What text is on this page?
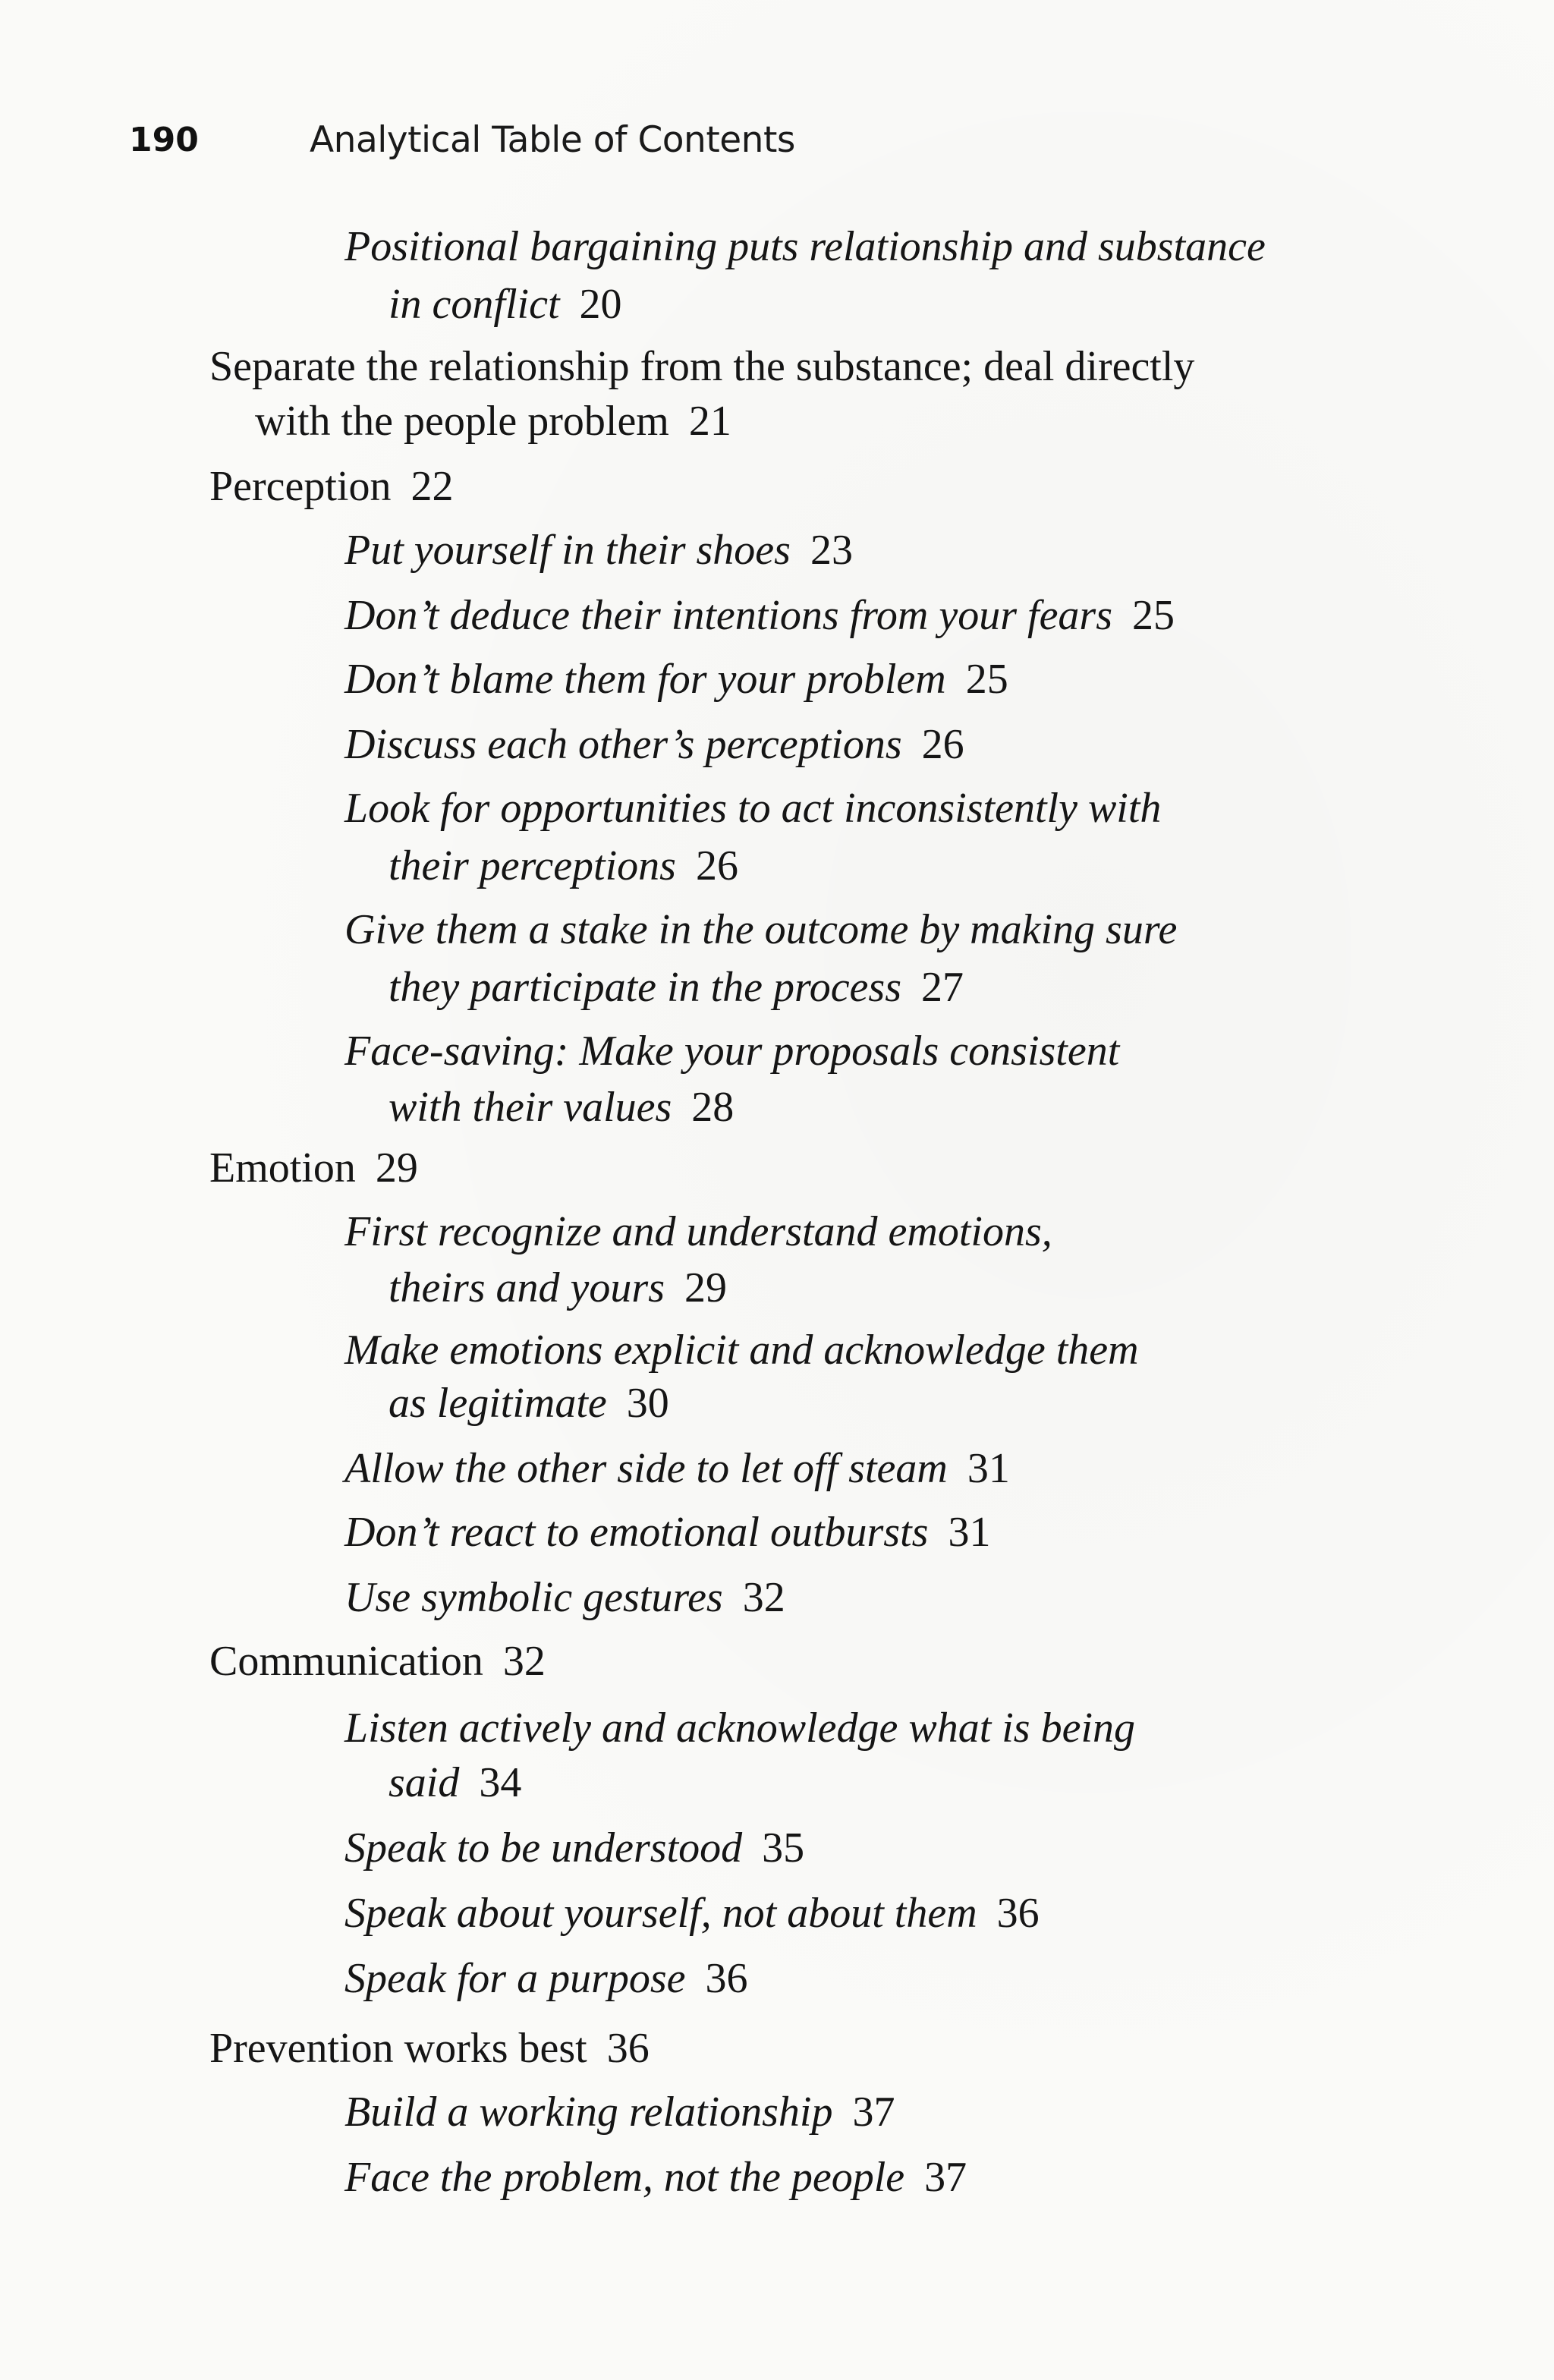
190	Analytical Table of Contents
Positional bargaining puts relationship and substance
in conflict 20
Separate the relationship from the substance; deal directly
with the people problem 21
Perception 22
Put yourself in their shoes 23
Don’t deduce their intentions from your fears 25
Don’t blame them for your problem 25
Discuss each other’s perceptions 26
Look for opportunities to act inconsistently with
their perceptions 26
Give them a stake in the outcome by making sure
they participate in the process 27
Face-saving: Make your proposals consistent
with their values 28
Emotion 29
First recognize and understand emotions,
theirs and yours 29
Make emotions explicit and acknowledge them
as legitimate 30
Allow the other side to let off steam 31
Don’t react to emotional outbursts 31
Use symbolic gestures 32
Communication 32
Listen actively and acknowledge what is being
said 34
Speak to be understood 35
Speak about yourself, not about them 36
Speak for a purpose 36
Prevention works best 36
Build a working relationship 37
Face the problem, not the people 37
